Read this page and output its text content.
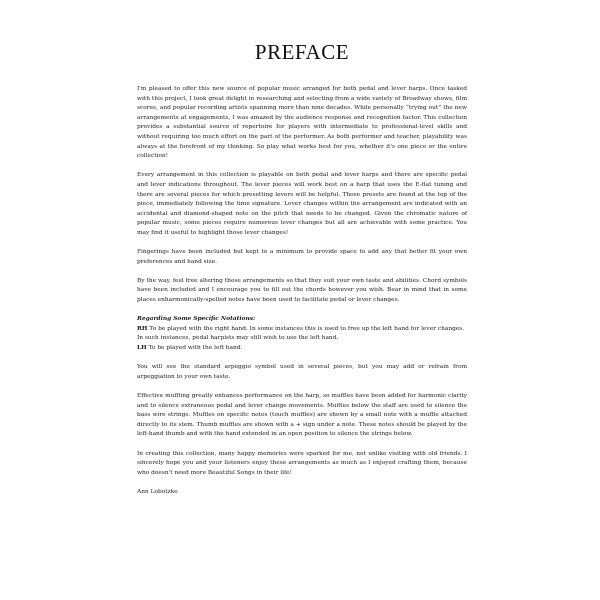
PREFACE

I'm pleased to offer this new source of popular music arranged for both pedal and lever harps. Once tasked with this project, I took great delight in researching and selecting from a wide variety of Broadway shows, film scores, and popular recording artists spanning more than nine decades. While personally “trying out” the new arrangements at engagements, I was amazed by the audience response and recognition factor. This collection provides a substantial source of repertoire for players with intermediate to professional-level skills and without requiring too much effort on the part of the performer. As both performer and teacher, playability was always at the forefront of my thinking. So play what works best for you, whether it's one piece or the entire collection!

Every arrangement in this collection is playable on both pedal and lever harps and there are specific pedal and lever indications throughout. The lever pieces will work best on a harp that uses the E-flat tuning and there are several pieces for which presetting levers will be helpful. Those presets are found at the top of the piece, immediately following the time signature. Lever changes within the arrangement are indicated with an accidental and diamond-shaped note on the pitch that needs to be changed. Given the chromatic nature of popular music, some pieces require numerous lever changes but all are achievable with some practice. You may find it useful to highlight those lever changes!

Fingerings have been included but kept to a minimum to provide space to add any that better fit your own preferences and hand size.

By the way, feel free altering these arrangements so that they suit your own taste and abilities. Chord symbols have been included and I encourage you to fill out the chords however you wish. Bear in mind that in some places enharmonically-spelled notes have been used to facilitate pedal or lever changes.

Regarding Some Specific Notations:
RH To be played with the right hand. In some instances this is used to free up the left hand for lever changes. In such instances, pedal harpists may still wish to use the left hand.
LH To be played with the left hand.

You will see the standard arpeggio symbol used in several pieces, but you may add or refrain from arpeggiation to your own taste.

Effective muffling greatly enhances performance on the harp, so muffles have been added for harmonic clarity and to silence extraneous pedal and lever change movements. Muffles below the staff are used to silence the bass wire strings. Muffles on specific notes (touch muffles) are shown by a small note with a muffle attached directly to its stem. Thumb muffles are shown with a + sign under a note. These notes should be played by the left-hand thumb and with the hand extended in an open position to silence the strings below.

In creating this collection, many happy memories were sparked for me, not unlike visiting with old friends. I sincerely hope you and your listeners enjoy these arrangements as much as I enjoyed crafting them, because who doesn't need more Beautiful Songs in their life!

Ann Lobotzke
